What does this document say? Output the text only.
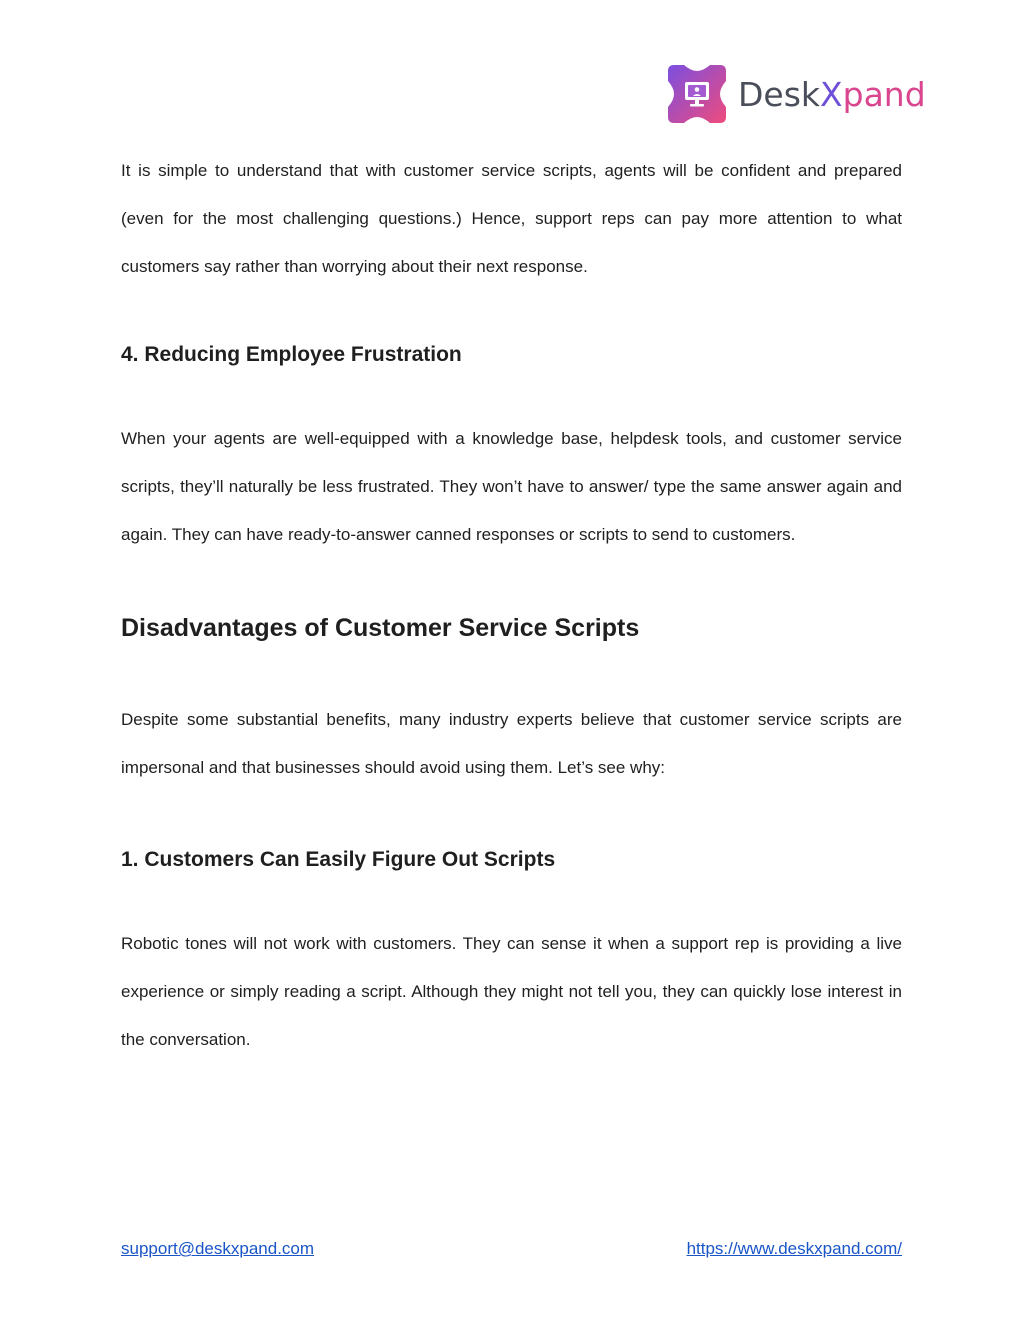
DeskXpand

It is simple to understand that with customer service scripts, agents will be confident and prepared (even for the most challenging questions.) Hence, support reps can pay more attention to what customers say rather than worrying about their next response.

4. Reducing Employee Frustration

When your agents are well-equipped with a knowledge base, helpdesk tools, and customer service scripts, they’ll naturally be less frustrated. They won’t have to answer/ type the same answer again and again. They can have ready-to-answer canned responses or scripts to send to customers.

Disadvantages of Customer Service Scripts

Despite some substantial benefits, many industry experts believe that customer service scripts are impersonal and that businesses should avoid using them. Let’s see why:

1. Customers Can Easily Figure Out Scripts

Robotic tones will not work with customers. They can sense it when a support rep is providing a live experience or simply reading a script. Although they might not tell you, they can quickly lose interest in the conversation.

support@deskxpand.com	https://www.deskxpand.com/
